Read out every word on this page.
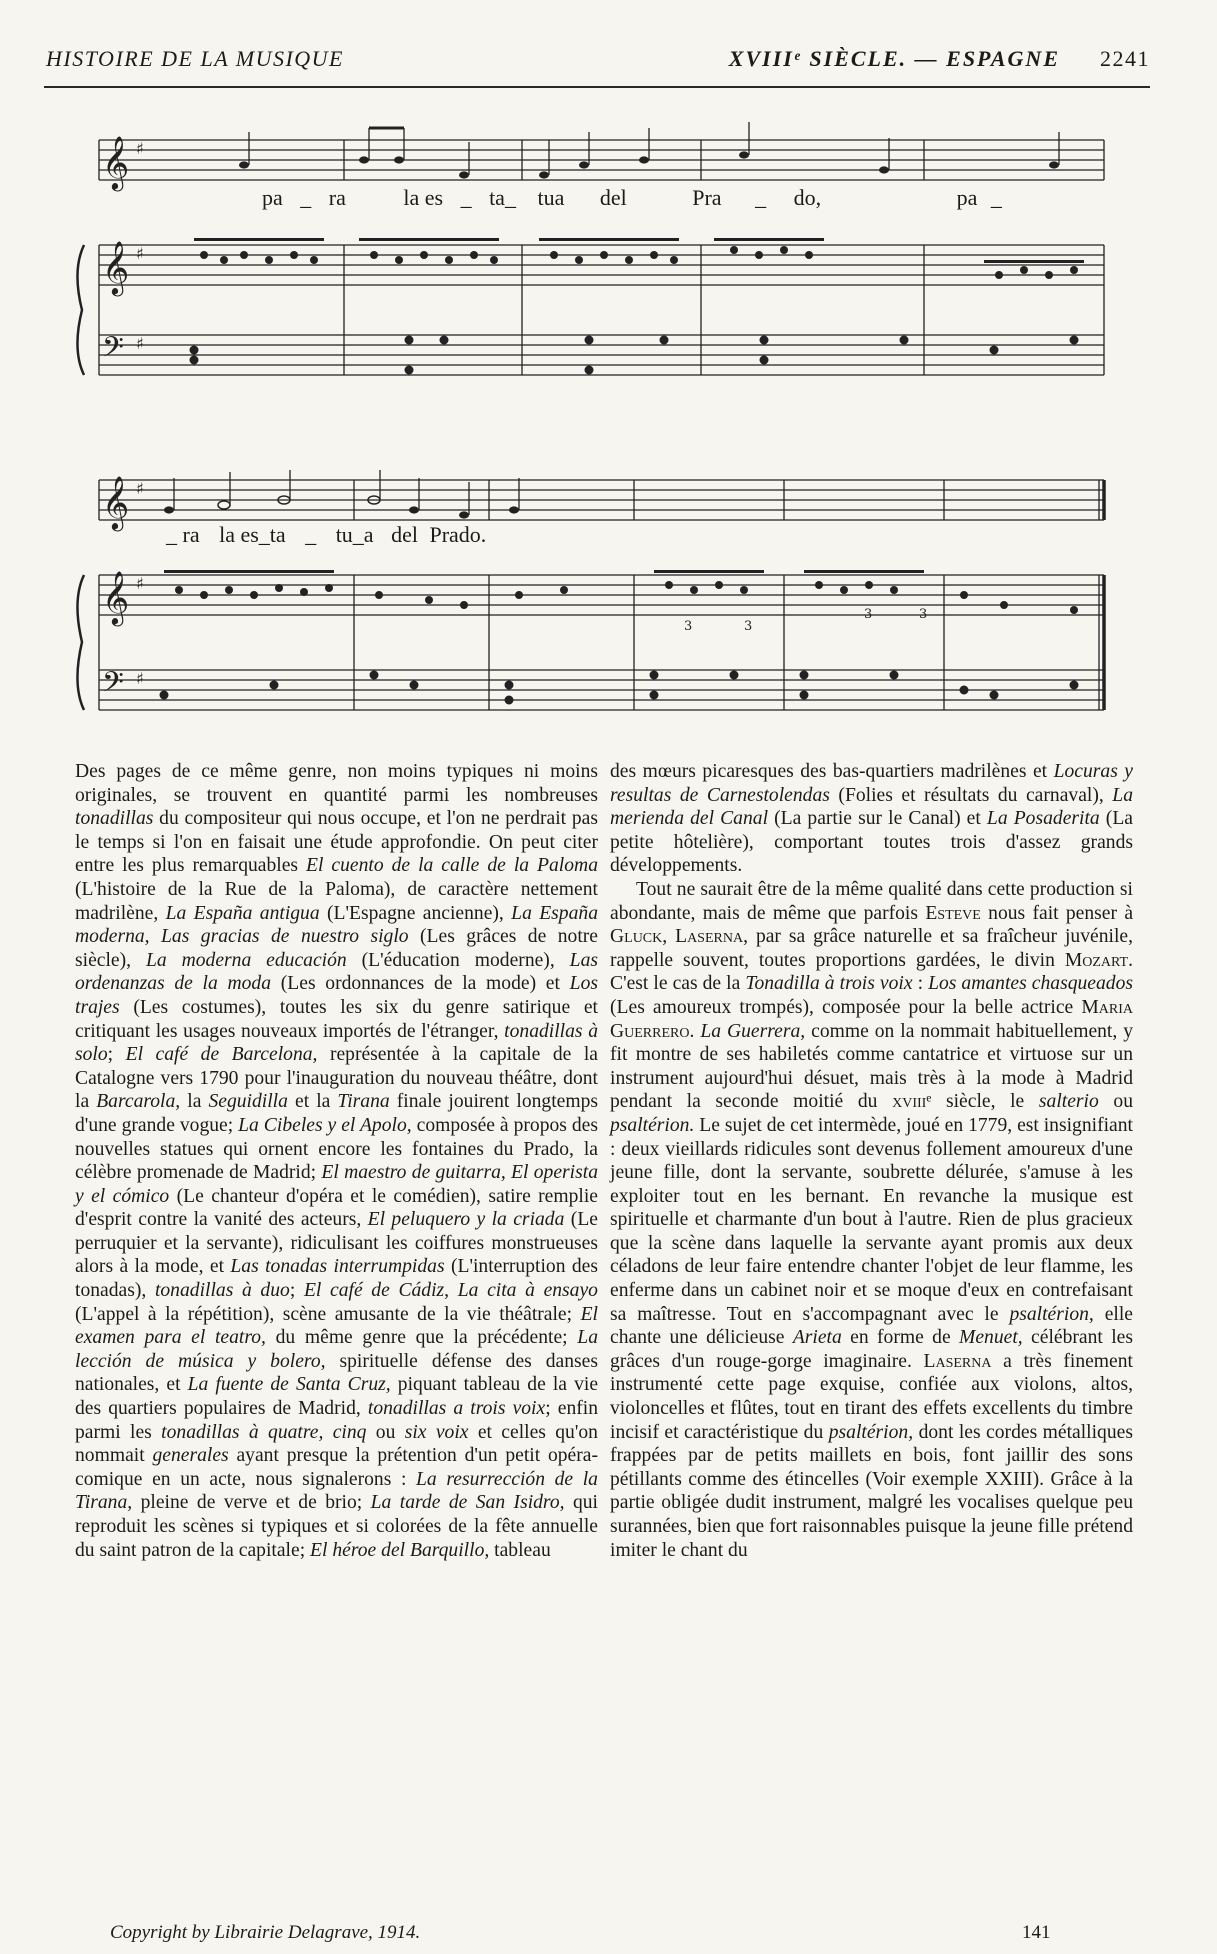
HISTOIRE DE LA MUSIQUE	XVIIIᵉ SIÈCLE. — ESPAGNE 2241
𝄞
𝄞
𝄢
♯
♯
♯
pa _ ra	la es _ ta_ tua del	Pra _ do,	pa _
𝄞
𝄞
𝄢
♯
♯
♯
3	3
3	3
_ ra la es_ta _ tu_a del Prado.

Des pages de ce même genre, non moins typiques ni moins originales, se trouvent en quantité parmi les nombreuses tonadillas du compositeur qui nous occupe, et l'on ne perdrait pas le temps si l'on en faisait une étude approfondie. On peut citer entre les plus remarquables El cuento de la calle de la Paloma (L'histoire de la Rue de la Paloma), de caractère nettement madrilène, La España antigua (L'Espagne ancienne), La España moderna, Las gracias de nuestro siglo (Les grâces de notre siècle), La moderna educación (L'éducation moderne), Las ordenanzas de la moda (Les ordonnances de la mode) et Los trajes (Les costumes), toutes les six du genre satirique et critiquant les usages nouveaux importés de l'étranger, tonadillas à solo; El café de Barcelona, représentée à la capitale de la Catalogne vers 1790 pour l'inauguration du nouveau théâtre, dont la Barcarola, la Seguidilla et la Tirana finale jouirent longtemps d'une grande vogue; La Cibeles y el Apolo, composée à propos des nouvelles statues qui ornent encore les fontaines du Prado, la célèbre promenade de Madrid; El maestro de guitarra, El operista y el cómico (Le chanteur d'opéra et le comédien), satire remplie d'esprit contre la vanité des acteurs, El peluquero y la criada (Le perruquier et la servante), ridiculisant les coiffures monstrueuses alors à la mode, et Las tonadas interrumpidas (L'interruption des tonadas), tonadillas à duo; El café de Cádiz, La cita à ensayo (L'appel à la répétition), scène amusante de la vie théâtrale; El examen para el teatro, du même genre que la précédente; La lección de música y bolero, spirituelle défense des danses nationales, et La fuente de Santa Cruz, piquant tableau de la vie des quartiers populaires de Madrid, tonadillas a trois voix; enfin parmi les tonadillas à quatre, cinq ou six voix et celles qu'on nommait generales ayant presque la prétention d'un petit opéra-comique en un acte, nous signalerons : La resurrección de la Tirana, pleine de verve et de brio; La tarde de San Isidro, qui reproduit les scènes si typiques et si colorées de la fête annuelle du saint patron de la capitale; El héroe del Barquillo, tableau

des mœurs picaresques des bas-quartiers madrilènes et Locuras y resultas de Carnestolendas (Folies et résultats du carnaval), La merienda del Canal (La partie sur le Canal) et La Posaderita (La petite hôtelière), comportant toutes trois d'assez grands développements.

Tout ne saurait être de la même qualité dans cette production si abondante, mais de même que parfois Esteve nous fait penser à Gluck, Laserna, par sa grâce naturelle et sa fraîcheur juvénile, rappelle souvent, toutes proportions gardées, le divin Mozart. C'est le cas de la Tonadilla à trois voix : Los amantes chasqueados (Les amoureux trompés), composée pour la belle actrice Maria Guerrero. La Guerrera, comme on la nommait habituellement, y fit montre de ses habiletés comme cantatrice et virtuose sur un instrument aujourd'hui désuet, mais très à la mode à Madrid pendant la seconde moitié du xviiiᵉ siècle, le salterio ou psaltérion. Le sujet de cet intermède, joué en 1779, est insignifiant : deux vieillards ridicules sont devenus follement amoureux d'une jeune fille, dont la servante, soubrette délurée, s'amuse à les exploiter tout en les bernant. En revanche la musique est spirituelle et charmante d'un bout à l'autre. Rien de plus gracieux que la scène dans laquelle la servante ayant promis aux deux céladons de leur faire entendre chanter l'objet de leur flamme, les enferme dans un cabinet noir et se moque d'eux en contrefaisant sa maîtresse. Tout en s'accompagnant avec le psaltérion, elle chante une délicieuse Arieta en forme de Menuet, célébrant les grâces d'un rouge-gorge imaginaire. Laserna a très finement instrumenté cette page exquise, confiée aux violons, altos, violoncelles et flûtes, tout en tirant des effets excellents du timbre incisif et caractéristique du psaltérion, dont les cordes métalliques frappées par de petits maillets en bois, font jaillir des sons pétillants comme des étincelles (Voir exemple XXIII). Grâce à la partie obligée dudit instrument, malgré les vocalises quelque peu surannées, bien que fort raisonnables puisque la jeune fille prétend imiter le chant du

Copyright by Librairie Delagrave, 1914.	141
